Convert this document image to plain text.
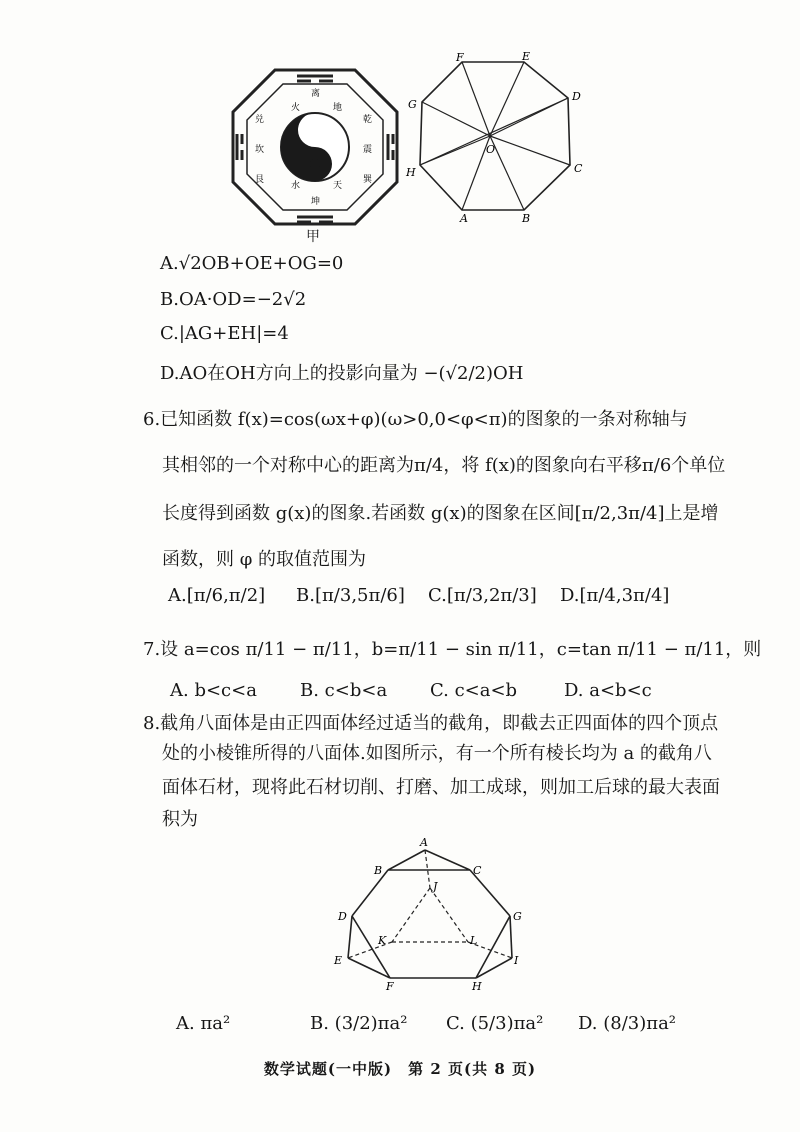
离
坤
兑	乾
坎
艮
震
巽
水	天
火	地
甲
F	E
D
C
B
A
H
G
O
A.√2OB+OE+OG=0
B.OA·OD=−2√2
C.|AG+EH|=4
D.AO在OH方向上的投影向量为 −(√2/2)OH
6.已知函数 f(x)=cos(ωx+φ)(ω>0,0<φ<π)的图象的一条对称轴与
其相邻的一个对称中心的距离为π/4，将 f(x)的图象向右平移π/6个单位
长度得到函数 g(x)的图象.若函数 g(x)的图象在区间[π/2,3π/4]上是增
函数，则 φ 的取值范围为
A.[π/6,π/2] B.[π/3,5π/6] C.[π/3,2π/3] D.[π/4,3π/4]
7.设 a=cos π/11 − π/11，b=π/11 − sin π/11，c=tan π/11 − π/11，则
A. b<c<a B. c<b<a C. c<a<b	D. a<b<c
8.截角八面体是由正四面体经过适当的截角，即截去正四面体的四个顶点
处的小棱锥所得的八面体.如图所示，有一个所有棱长均为 a 的截角八
面体石材，现将此石材切削、打磨、加工成球，则加工后球的最大表面
积为
A
B	C
D	G
J
K	L
E	I
F	H
A. πa²	B. (3/2)πa² C. (5/3)πa² D. (8/3)πa²
数学试题(一中版)　第 2 页(共 8 页)
